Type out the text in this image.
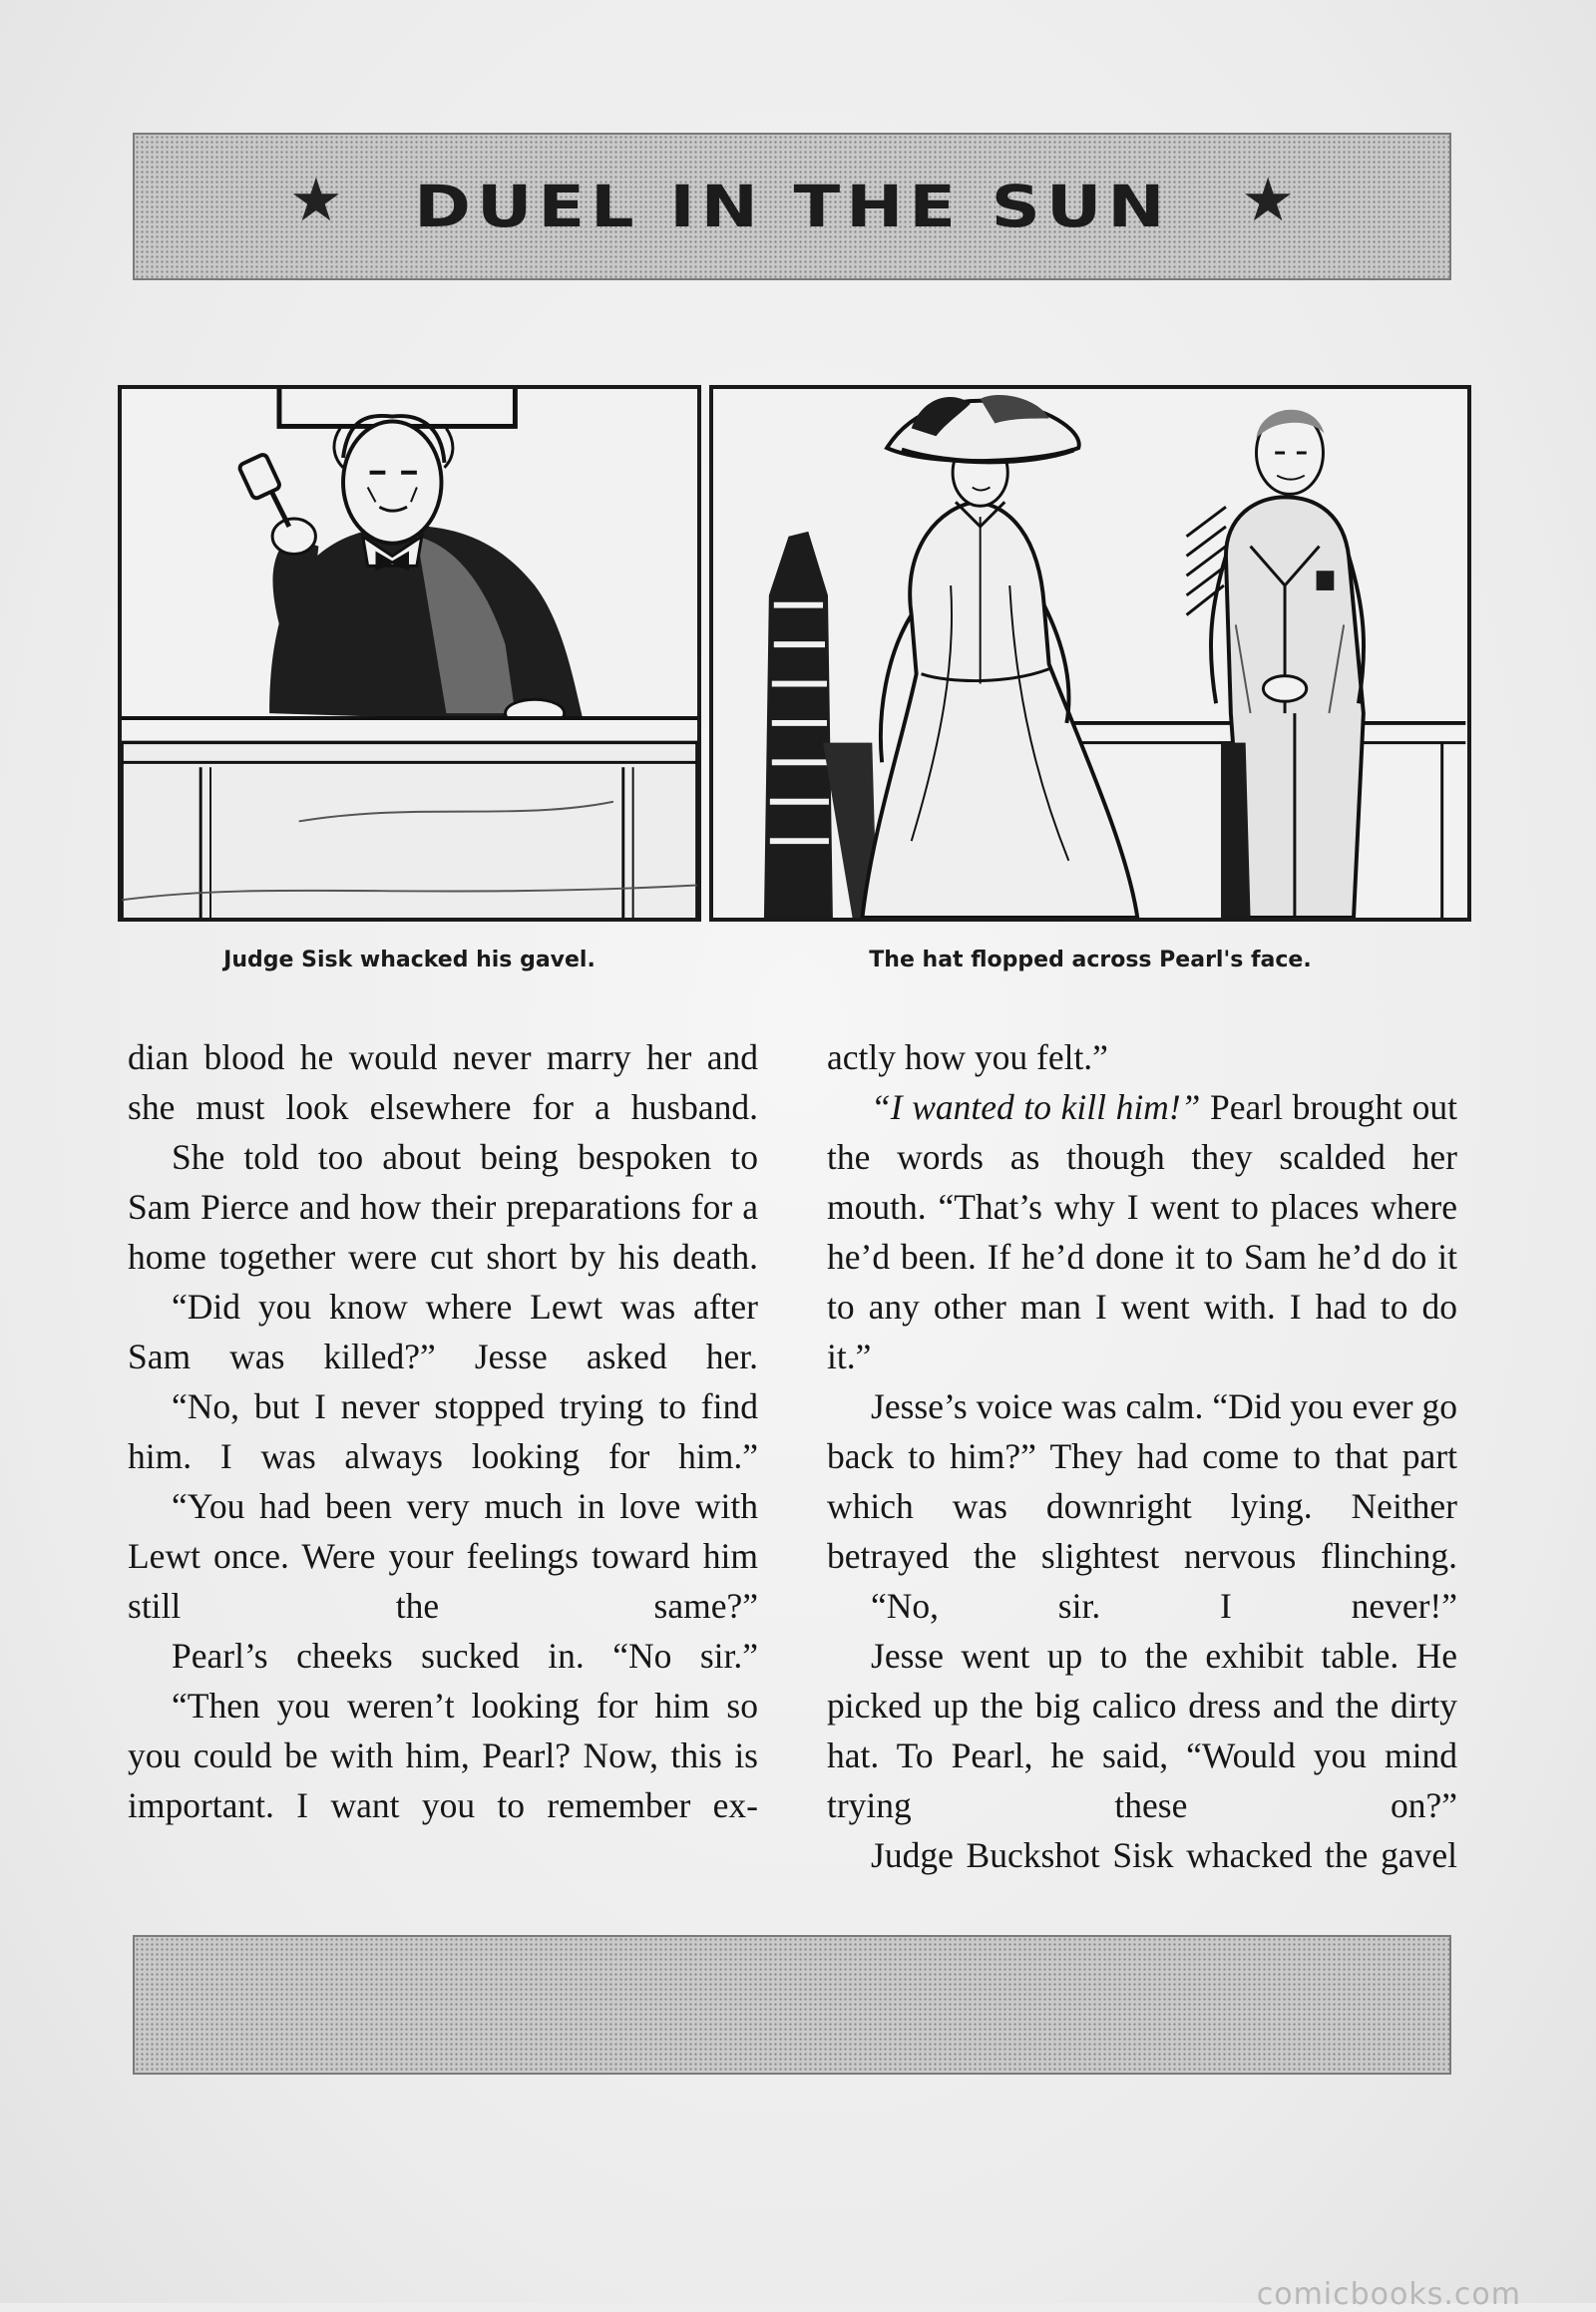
★ DUEL IN THE SUN ★
Judge Sisk whacked his gavel.	The hat flopped across Pearl's face.

dian blood he would never marry her and she must look elsewhere for a husband.

She told too about being bespoken to Sam Pierce and how their preparations for a home together were cut short by his death.

“Did you know where Lewt was after Sam was killed?” Jesse asked her.

“No, but I never stopped trying to find him. I was always looking for him.”

“You had been very much in love with Lewt once. Were your feelings toward him still the same?”

Pearl’s cheeks sucked in. “No sir.”

“Then you weren’t looking for him so you could be with him, Pearl? Now, this is important. I want you to remember ex-

actly how you felt.”

“I wanted to kill him!” Pearl brought out the words as though they scalded her mouth. “That’s why I went to places where he’d been. If he’d done it to Sam he’d do it to any other man I went with. I had to do it.”

Jesse’s voice was calm. “Did you ever go back to him?” They had come to that part which was downright lying. Neither betrayed the slightest nervous flinching.

“No, sir. I never!”

Jesse went up to the exhibit table. He picked up the big calico dress and the dirty hat. To Pearl, he said, “Would you mind trying these on?”

Judge Buckshot Sisk whacked the gavel

comicbooks.com
